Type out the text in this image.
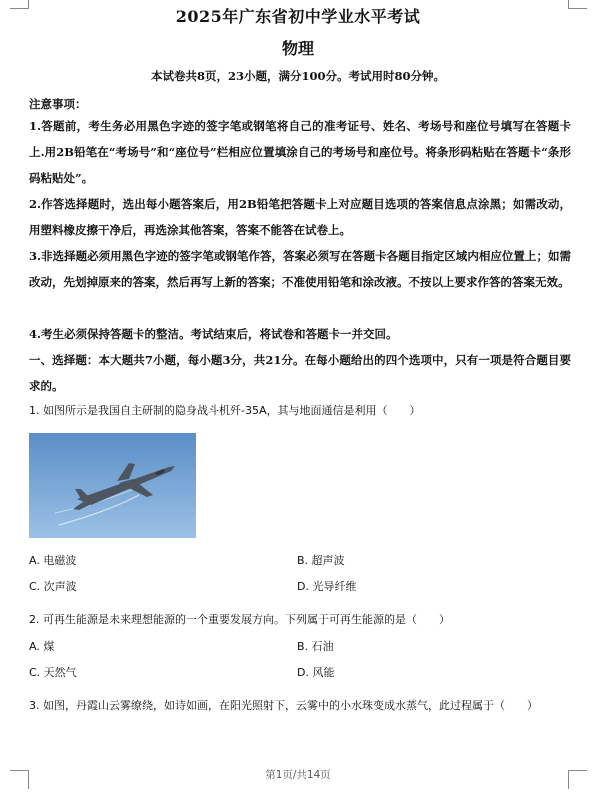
2025年广东省初中学业水平考试
物理
本试卷共8页，23小题，满分100分。考试用时80分钟。
注意事项：
1.答题前，考生务必用黑色字迹的签字笔或钢笔将自己的准考证号、姓名、考场号和座位号填写在答题卡上.用2B铅笔在“考场号”和“座位号”栏相应位置填涂自己的考场号和座位号。将条形码粘贴在答题卡“条形码粘贴处”。
2.作答选择题时，选出每小题答案后，用2B铅笔把答题卡上对应题目选项的答案信息点涂黑；如需改动，用塑料橡皮擦干净后，再选涂其他答案，答案不能答在试卷上。
3.非选择题必须用黑色字迹的签字笔或钢笔作答，答案必须写在答题卡各题目指定区域内相应位置上；如需改动，先划掉原来的答案，然后再写上新的答案；不准使用铅笔和涂改液。不按以上要求作答的答案无效。
4.考生必须保持答题卡的整洁。考试结束后，将试卷和答题卡一并交回。
一、选择题：本大题共7小题，每小题3分，共21分。在每小题给出的四个选项中，只有一项是符合题目要求的。
1. 如图所示是我国自主研制的隐身战斗机歼-35A，其与地面通信是利用（　　）
A. 电磁波	B. 超声波
C. 次声波	D. 光导纤维
2. 可再生能源是未来理想能源的一个重要发展方向。下列属于可再生能源的是（　　）
A. 煤	B. 石油
C. 天然气	D. 风能
3. 如图，丹霞山云雾缭绕，如诗如画，在阳光照射下，云雾中的小水珠变成水蒸气，此过程属于（　　）
第1页/共14页
